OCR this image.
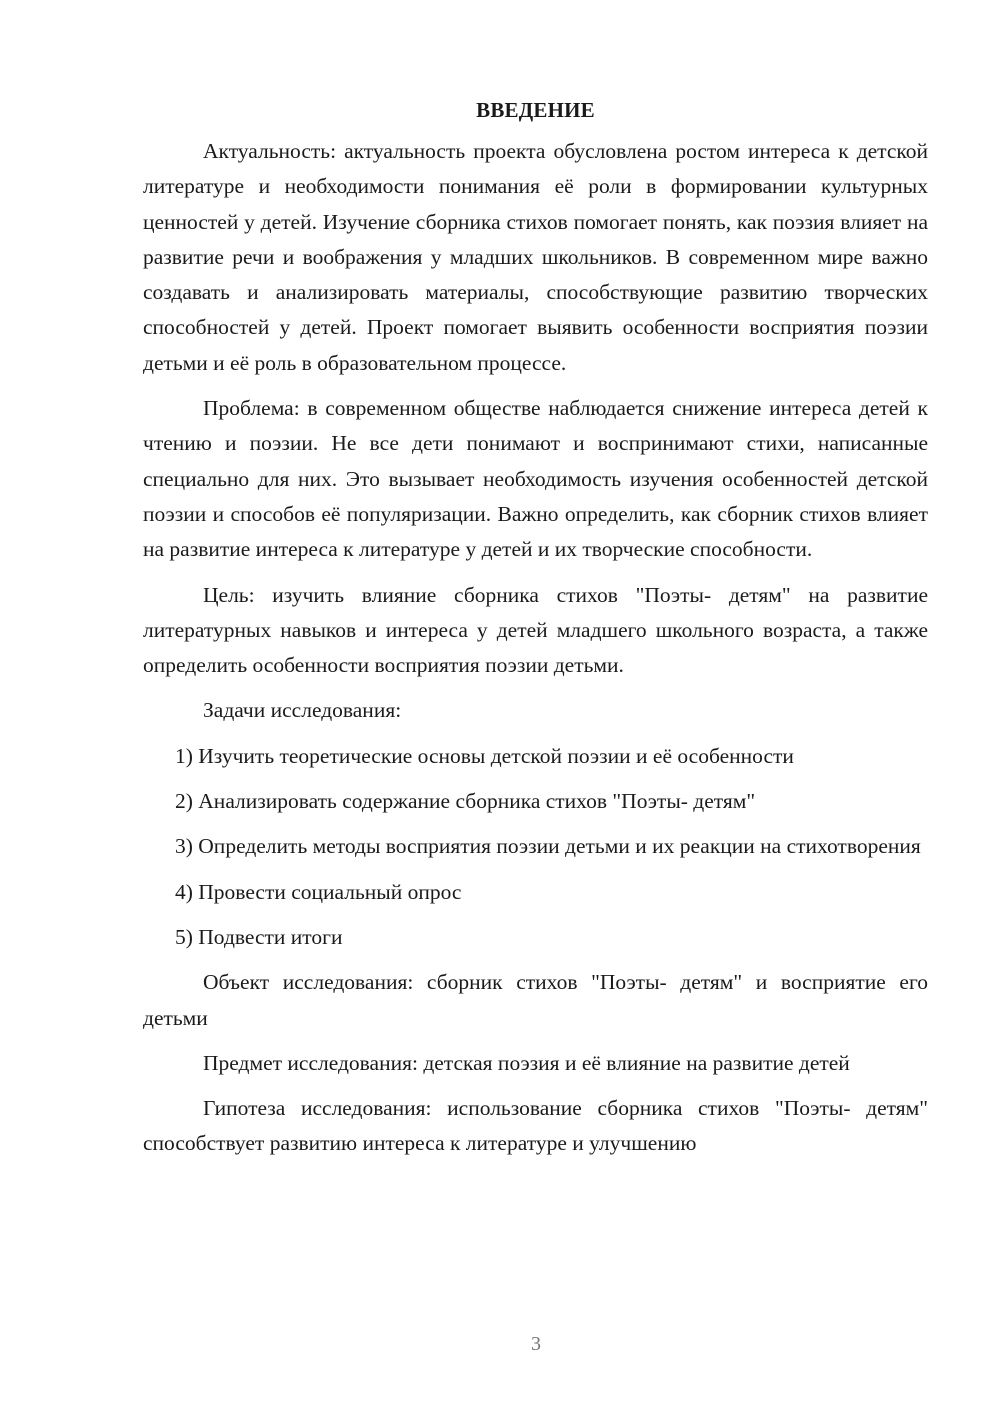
ВВЕДЕНИЕ

Актуальность: актуальность проекта обусловлена ростом интереса к детской литературе и необходимости понимания её роли в формировании культурных ценностей у детей. Изучение сборника стихов помогает понять, как поэзия влияет на развитие речи и воображения у младших школьников. В современном мире важно создавать и анализировать материалы, способствующие развитию творческих способностей у детей. Проект помогает выявить особенности восприятия поэзии детьми и её роль в образовательном процессе.

Проблема: в современном обществе наблюдается снижение интереса детей к чтению и поэзии. Не все дети понимают и воспринимают стихи, написанные специально для них. Это вызывает необходимость изучения особенностей детской поэзии и способов её популяризации. Важно определить, как сборник стихов влияет на развитие интереса к литературе у детей и их творческие способности.

Цель: изучить влияние сборника стихов "Поэты- детям" на развитие литературных навыков и интереса у детей младшего школьного возраста, а также определить особенности восприятия поэзии детьми.

Задачи исследования:

1) Изучить теоретические основы детской поэзии и её особенности

2) Анализировать содержание сборника стихов "Поэты- детям"

3) Определить методы восприятия поэзии детьми и их реакции на стихотворения

4) Провести социальный опрос

5) Подвести итоги

Объект исследования: сборник стихов "Поэты- детям" и восприятие его детьми

Предмет исследования: детская поэзия и её влияние на развитие детей

Гипотеза исследования: использование сборника стихов "Поэты- детям" способствует развитию интереса к литературе и улучшению

3
